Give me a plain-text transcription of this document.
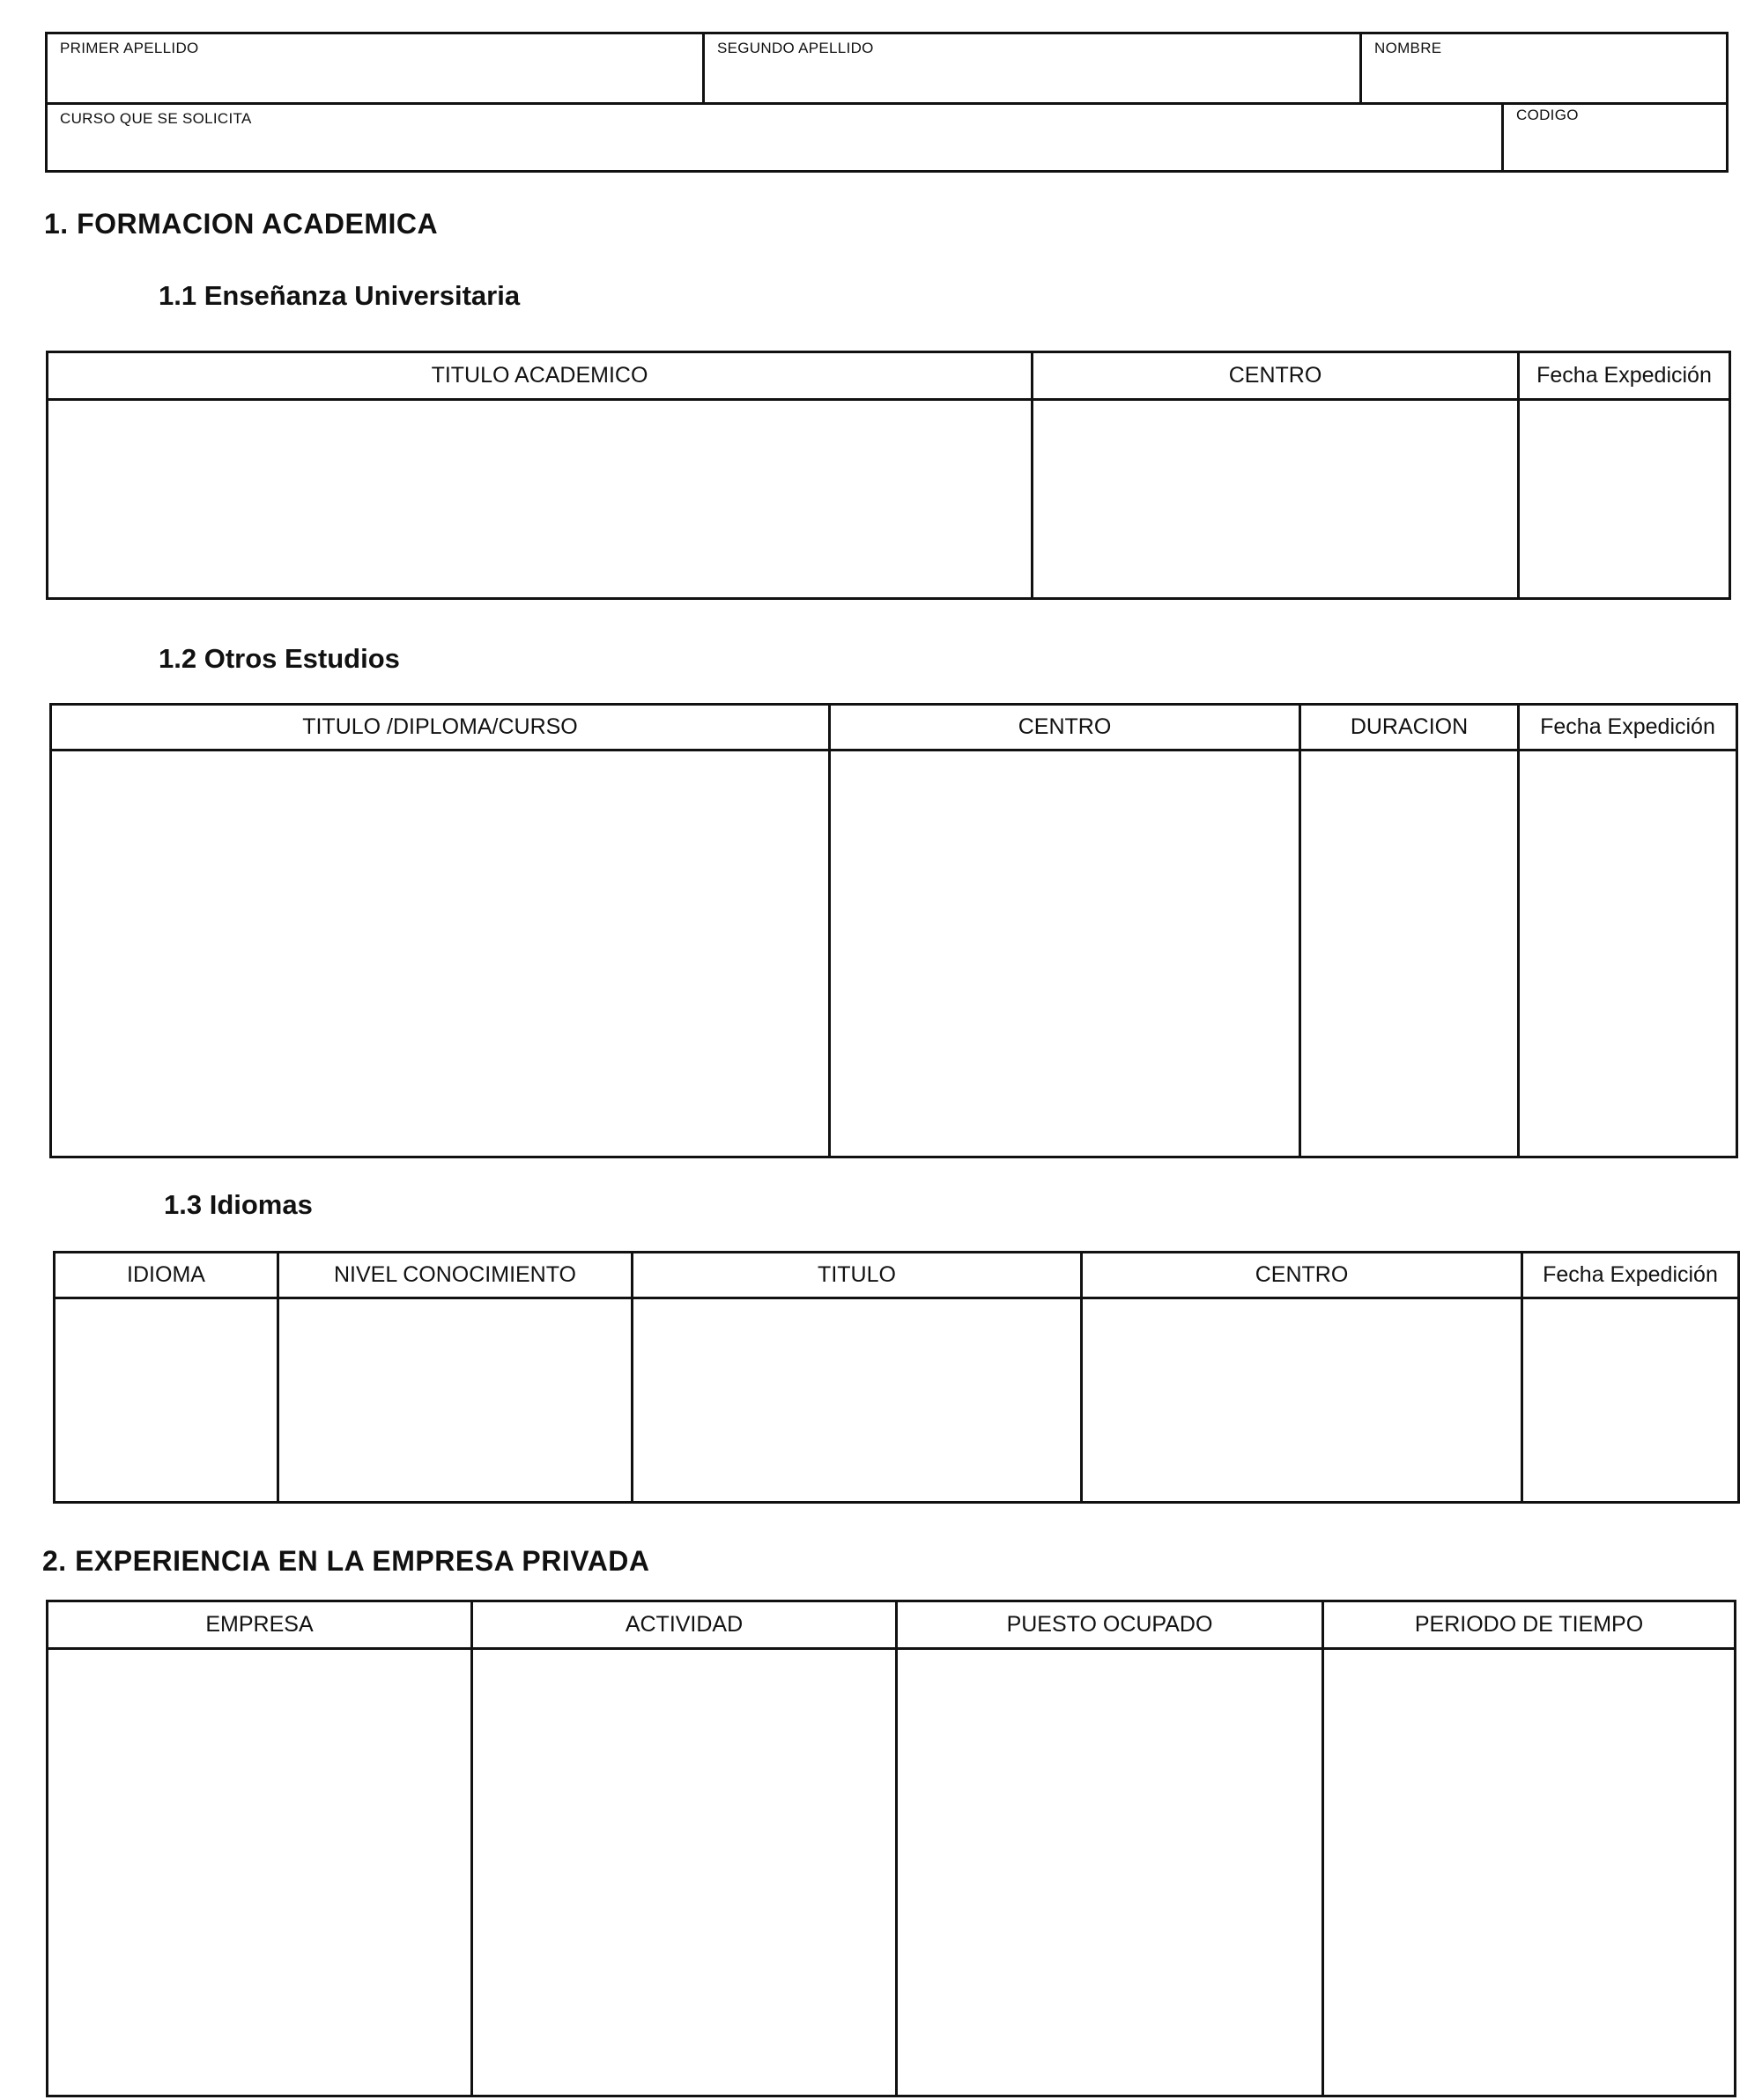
PRIMER APELLIDO	SEGUNDO APELLIDO	NOMBRE
CURSO QUE SE SOLICITA	CODIGO
1. FORMACION ACADEMICA
1.1 Enseñanza Universitaria
TITULO ACADEMICO	CENTRO	Fecha Expedición

1.2 Otros Estudios
TITULO /DIPLOMA/CURSO	CENTRO	DURACION	Fecha Expedición

1.3 Idiomas
IDIOMA	NIVEL CONOCIMIENTO	TITULO	CENTRO	Fecha Expedición

2. EXPERIENCIA EN LA EMPRESA PRIVADA
EMPRESA	ACTIVIDAD	PUESTO OCUPADO	PERIODO DE TIEMPO
